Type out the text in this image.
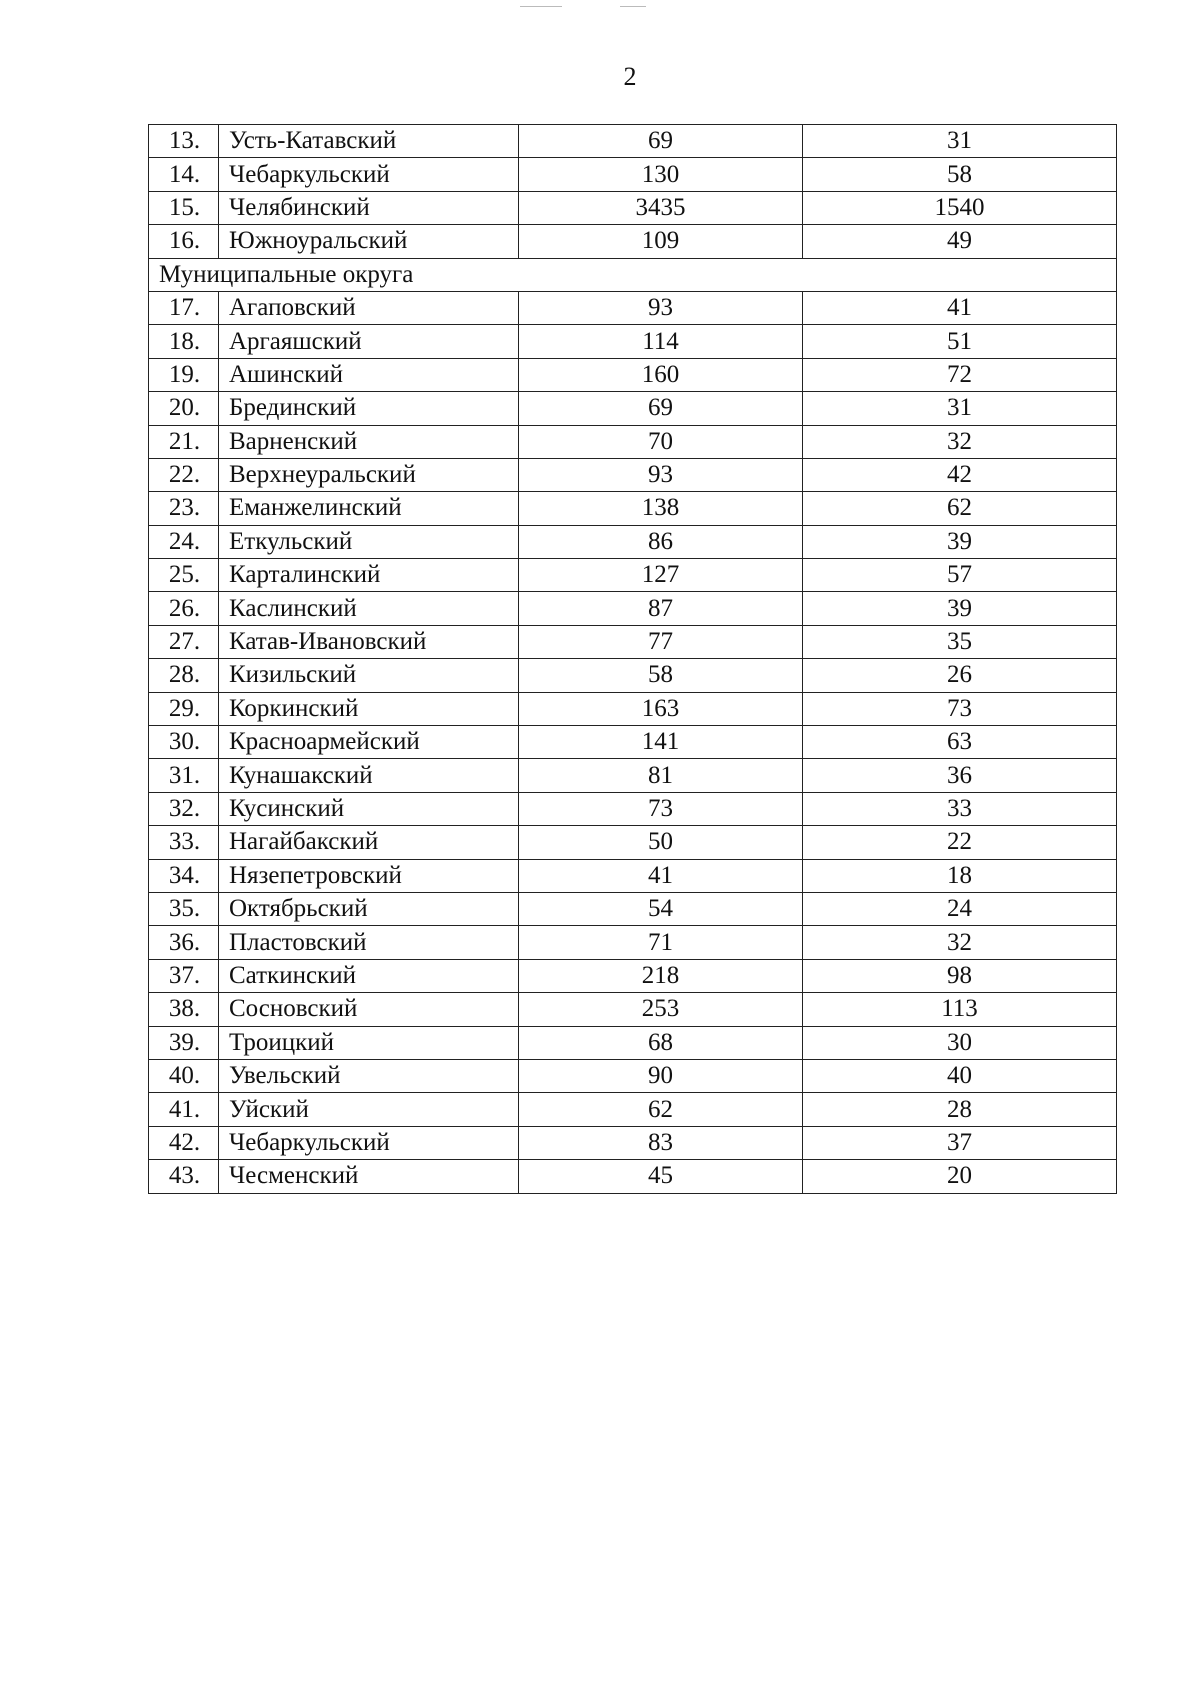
2
13.	Усть-Катавский	69	31
14.	Чебаркульский	130	58
15.	Челябинский	3435	1540
16.	Южноуральский	109	49
Муниципальные округа			
17.	Агаповский	93	41
18.	Аргаяшский	114	51
19.	Ашинский	160	72
20.	Брединский	69	31
21.	Варненский	70	32
22.	Верхнеуральский	93	42
23.	Еманжелинский	138	62
24.	Еткульский	86	39
25.	Карталинский	127	57
26.	Каслинский	87	39
27.	Катав-Ивановский	77	35
28.	Кизильский	58	26
29.	Коркинский	163	73
30.	Красноармейский	141	63
31.	Кунашакский	81	36
32.	Кусинский	73	33
33.	Нагайбакский	50	22
34.	Нязепетровский	41	18
35.	Октябрьский	54	24
36.	Пластовский	71	32
37.	Саткинский	218	98
38.	Сосновский	253	113
39.	Троицкий	68	30
40.	Увельский	90	40
41.	Уйский	62	28
42.	Чебаркульский	83	37
43.	Чесменский	45	20
